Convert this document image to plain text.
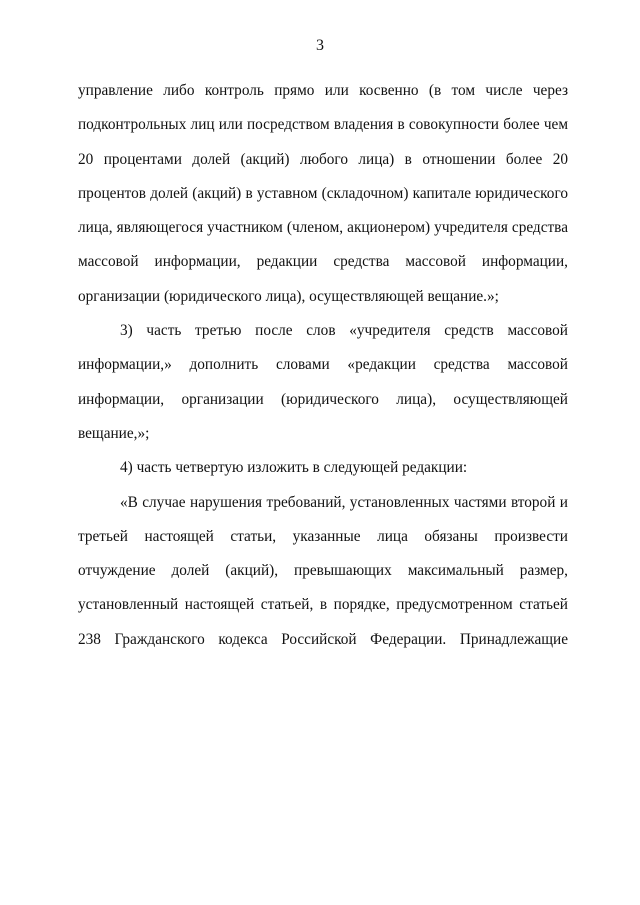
3
управление либо контроль прямо или косвенно (в том числе через
подконтрольных лиц или посредством владения в совокупности более чем
20 процентами долей (акций) любого лица) в отношении более 20
процентов долей (акций) в уставном (складочном) капитале юридического
лица, являющегося участником (членом, акционером) учредителя средства
массовой информации, редакции средства массовой информации,
организации (юридического лица), осуществляющей вещание.»;
3) часть третью после слов «учредителя средств массовой
информации,» дополнить словами «редакции средства массовой
информации, организации (юридического лица), осуществляющей
вещание,»;
4) часть четвертую изложить в следующей редакции:
«В случае нарушения требований, установленных частями второй и
третьей настоящей статьи, указанные лица обязаны произвести
отчуждение долей (акций), превышающих максимальный размер,
установленный настоящей статьей, в порядке, предусмотренном статьей
238 Гражданского кодекса Российской Федерации. Принадлежащие
